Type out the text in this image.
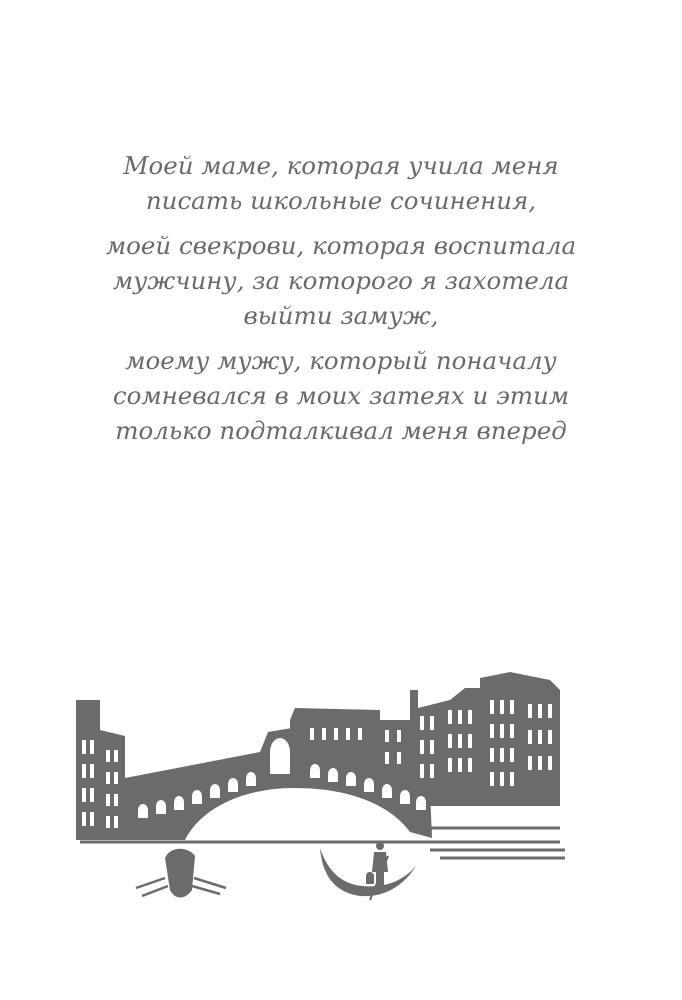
Моей маме, которая учила меня
писать школьные сочинения,

моей свекрови, которая воспитала
мужчину, за которого я захотела
выйти замуж,

моему мужу, который поначалу
сомневался в моих затеях и этим
только подталкивал меня вперед
